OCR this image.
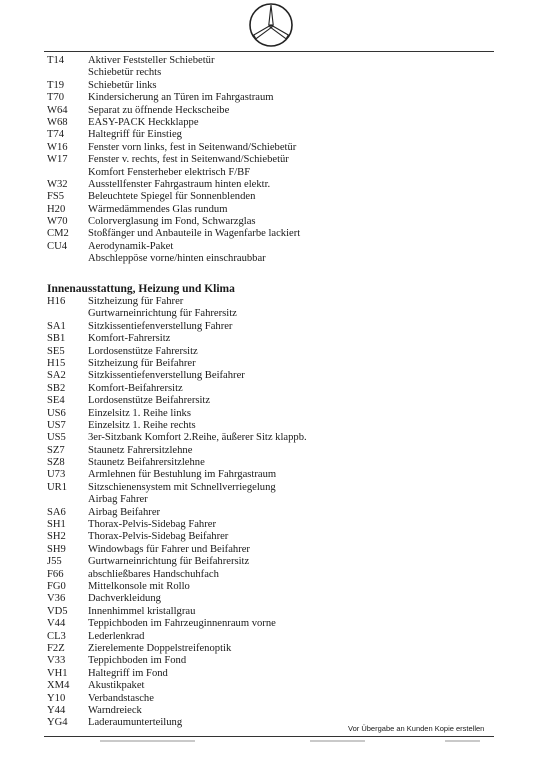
T14 Aktiver Feststeller Schiebetür
Schiebetür rechts
T19 Schiebetür links
T70 Kindersicherung an Türen im Fahrgastraum
W64 Separat zu öffnende Heckscheibe
W68 EASY-PACK Heckklappe
T74 Haltegriff für Einstieg
W16 Fenster vorn links, fest in Seitenwand/Schiebetür
W17 Fenster v. rechts, fest in Seitenwand/Schiebetür
Komfort Fensterheber elektrisch F/BF
W32 Ausstellfenster Fahrgastraum hinten elektr.
FS5 Beleuchtete Spiegel für Sonnenblenden
H20 Wärmedämmendes Glas rundum
W70 Colorverglasung im Fond, Schwarzglas
CM2 Stoßfänger und Anbauteile in Wagenfarbe lackiert
CU4 Aerodynamik-Paket
Abschleppöse vorne/hinten einschraubbar
Innenausstattung, Heizung und Klima
H16 Sitzheizung für Fahrer
Gurtwarneinrichtung für Fahrersitz
SA1 Sitzkissentiefenverstellung Fahrer
SB1 Komfort-Fahrersitz
SE5 Lordosenstütze Fahrersitz
H15 Sitzheizung für Beifahrer
SA2 Sitzkissentiefenverstellung Beifahrer
SB2 Komfort-Beifahrersitz
SE4 Lordosenstütze Beifahrersitz
US6 Einzelsitz 1. Reihe links
US7 Einzelsitz 1. Reihe rechts
US5 3er-Sitzbank Komfort 2.Reihe, äußerer Sitz klappb.
SZ7 Staunetz Fahrersitzlehne
SZ8 Staunetz Beifahrersitzlehne
U73 Armlehnen für Bestuhlung im Fahrgastraum
UR1 Sitzschienensystem mit Schnellverriegelung
Airbag Fahrer
SA6 Airbag Beifahrer
SH1 Thorax-Pelvis-Sidebag Fahrer
SH2 Thorax-Pelvis-Sidebag Beifahrer
SH9 Windowbags für Fahrer und Beifahrer
J55 Gurtwarneinrichtung für Beifahrersitz
F66 abschließbares Handschuhfach
FG0 Mittelkonsole mit Rollo
V36 Dachverkleidung
VD5 Innenhimmel kristallgrau
V44 Teppichboden im Fahrzeuginnenraum vorne
CL3 Lederlenkrad
F2Z Zierelemente Doppelstreifenoptik
V33 Teppichboden im Fond
VH1 Haltegriff im Fond
XM4 Akustikpaket
Y10 Verbandstasche
Y44 Warndreieck
YG4 Laderaumunterteilung
Vor Übergabe an Kunden Kopie erstellen
